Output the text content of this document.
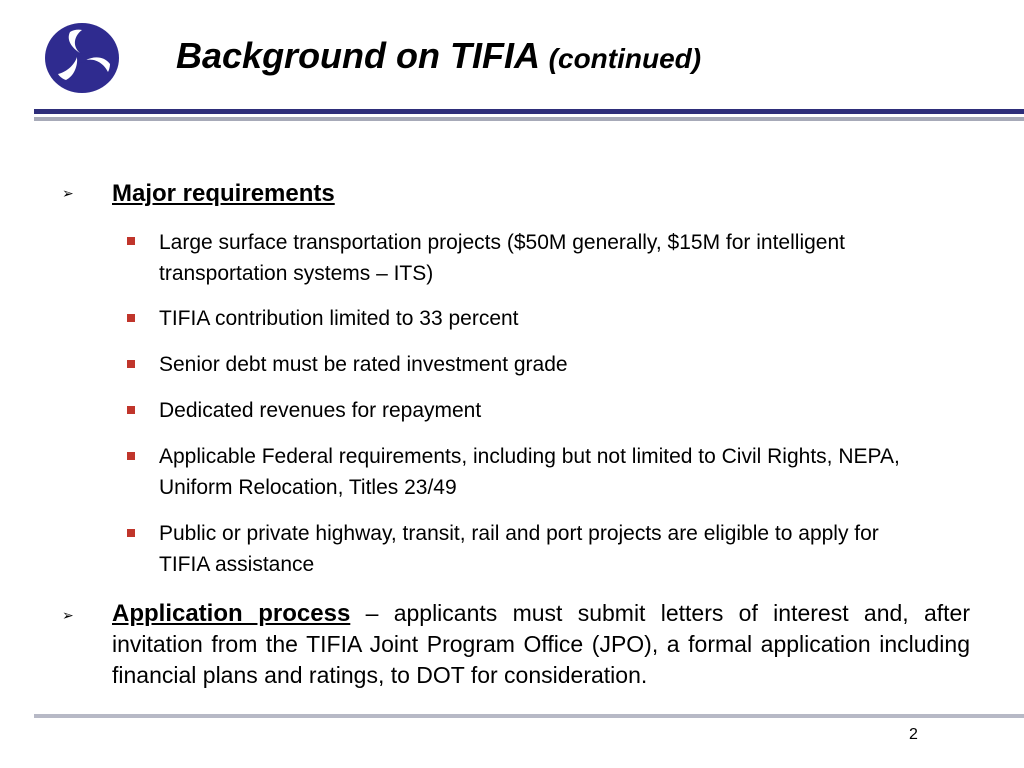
Background on TIFIA (continued)
➢ Major requirements
Large surface transportation projects ($50M generally, $15M for intelligent transportation systems – ITS)
TIFIA contribution limited to 33 percent
Senior debt must be rated investment grade
Dedicated revenues for repayment
Applicable Federal requirements, including but not limited to Civil Rights, NEPA, Uniform Relocation, Titles 23/49
Public or private highway, transit, rail and port projects are eligible to apply for TIFIA assistance
➢ Application process – applicants must submit letters of interest and, after invitation from the TIFIA Joint Program Office (JPO), a formal application including financial plans and ratings, to DOT for consideration.
2
